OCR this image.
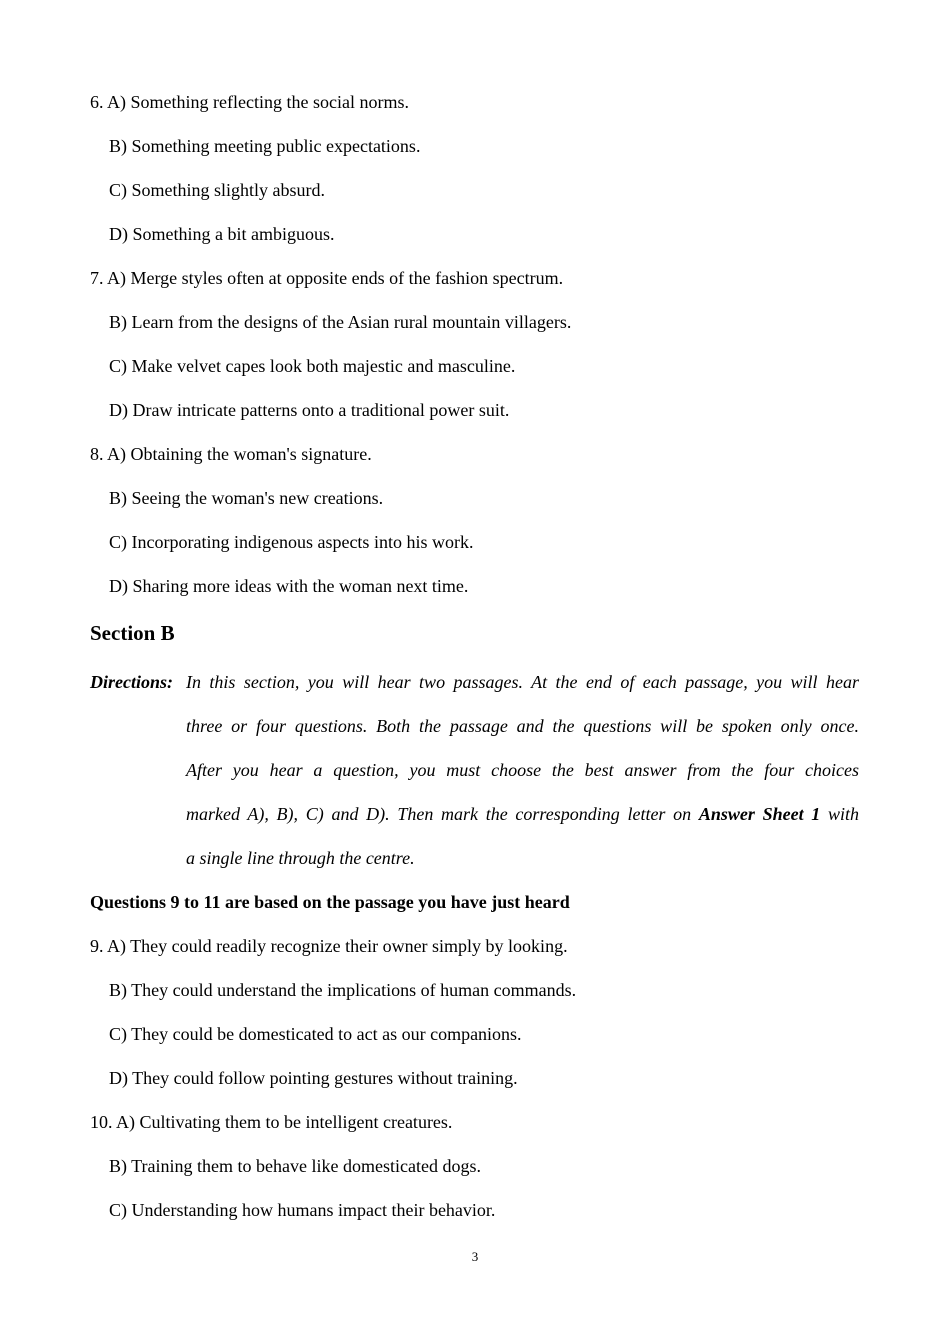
6. A) Something reflecting the social norms.
B) Something meeting public expectations.
C) Something slightly absurd.
D) Something a bit ambiguous.
7. A) Merge styles often at opposite ends of the fashion spectrum.
B) Learn from the designs of the Asian rural mountain villagers.
C) Make velvet capes look both majestic and masculine.
D) Draw intricate patterns onto a traditional power suit.
8. A) Obtaining the woman's signature.
B) Seeing the woman's new creations.
C) Incorporating indigenous aspects into his work.
D) Sharing more ideas with the woman next time.
Section B
Directions: In this section, you will hear two passages. At the end of each passage, you will hear
three or four questions. Both the passage and the questions will be spoken only once.
After you hear a question, you must choose the best answer from the four choices
marked A), B), C) and D). Then mark the corresponding letter on Answer Sheet 1 with
a single line through the centre.
Questions 9 to 11 are based on the passage you have just heard
9. A) They could readily recognize their owner simply by looking.
B) They could understand the implications of human commands.
C) They could be domesticated to act as our companions.
D) They could follow pointing gestures without training.
10. A) Cultivating them to be intelligent creatures.
B) Training them to behave like domesticated dogs.
C) Understanding how humans impact their behavior.
3
